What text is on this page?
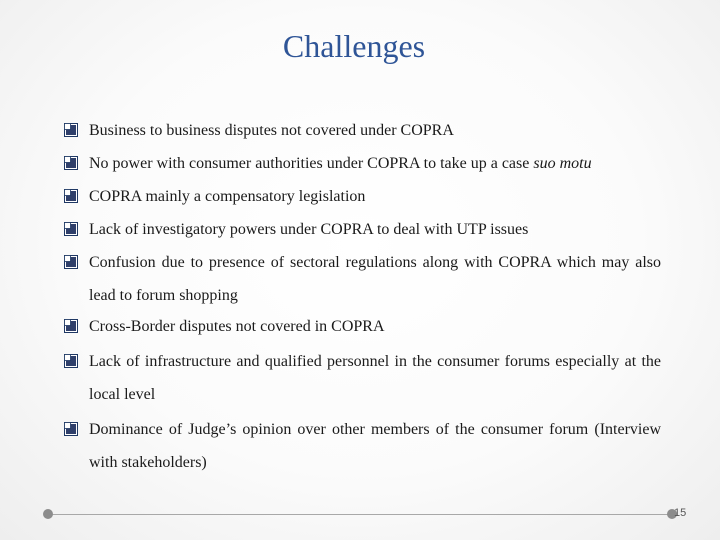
Challenges
Business to business disputes not covered under COPRA
No power with consumer authorities under COPRA to take up a case suo motu
COPRA mainly a compensatory legislation
Lack of investigatory powers under COPRA to deal with UTP issues
Confusion due to presence of sectoral regulations along with COPRA which may also lead to forum shopping
Cross-Border disputes not covered in COPRA
Lack of infrastructure and qualified personnel in the consumer forums especially at the local level
Dominance of Judge’s opinion over other members of the consumer forum (Interview with stakeholders)
15
